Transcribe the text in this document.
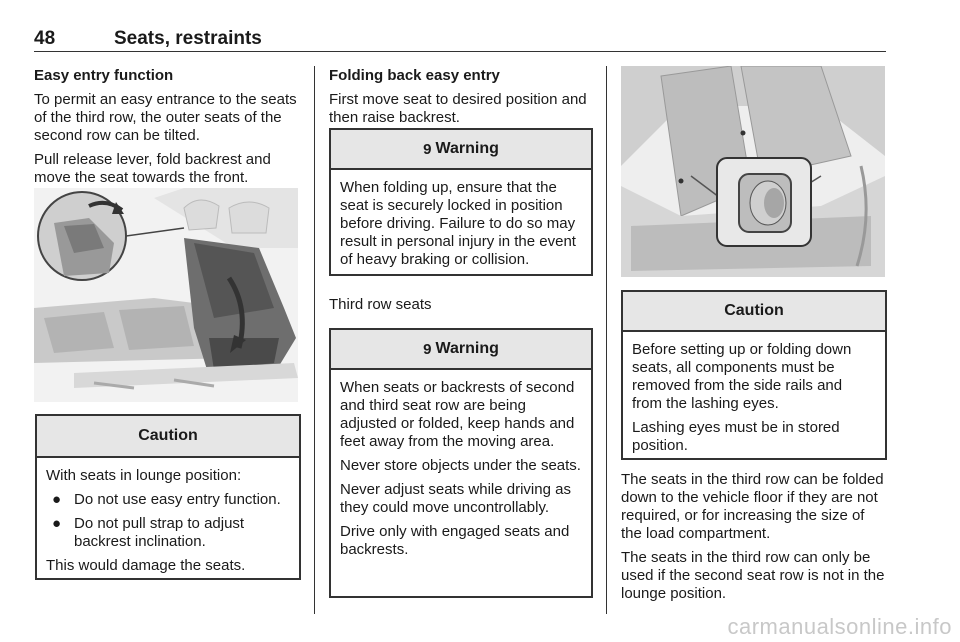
48	Seats, restraints

Easy entry function

To permit an easy entrance to the seats of the third row, the outer seats of the second row can be tilted.

Pull release lever, fold backrest and move the seat towards the front.

Caution

With seats in lounge position:

● Do not use easy entry function.
● Do not pull strap to adjust backrest inclination.

This would damage the seats.

Folding back easy entry

First move seat to desired position and then raise backrest.

9 Warning

When folding up, ensure that the seat is securely locked in position before driving. Failure to do so may result in personal injury in the event of heavy braking or collision.

Third row seats

9 Warning

When seats or backrests of second and third seat row are being adjusted or folded, keep hands and feet away from the moving area.

Never store objects under the seats.

Never adjust seats while driving as they could move uncontrollably.

Drive only with engaged seats and backrests.

Caution

Before setting up or folding down seats, all components must be removed from the side rails and from the lashing eyes.

Lashing eyes must be in stored position.

The seats in the third row can be folded down to the vehicle floor if they are not required, or for increasing the size of the load compartment.

The seats in the third row can only be used if the second seat row is not in the lounge position.

carmanualsonline.info
